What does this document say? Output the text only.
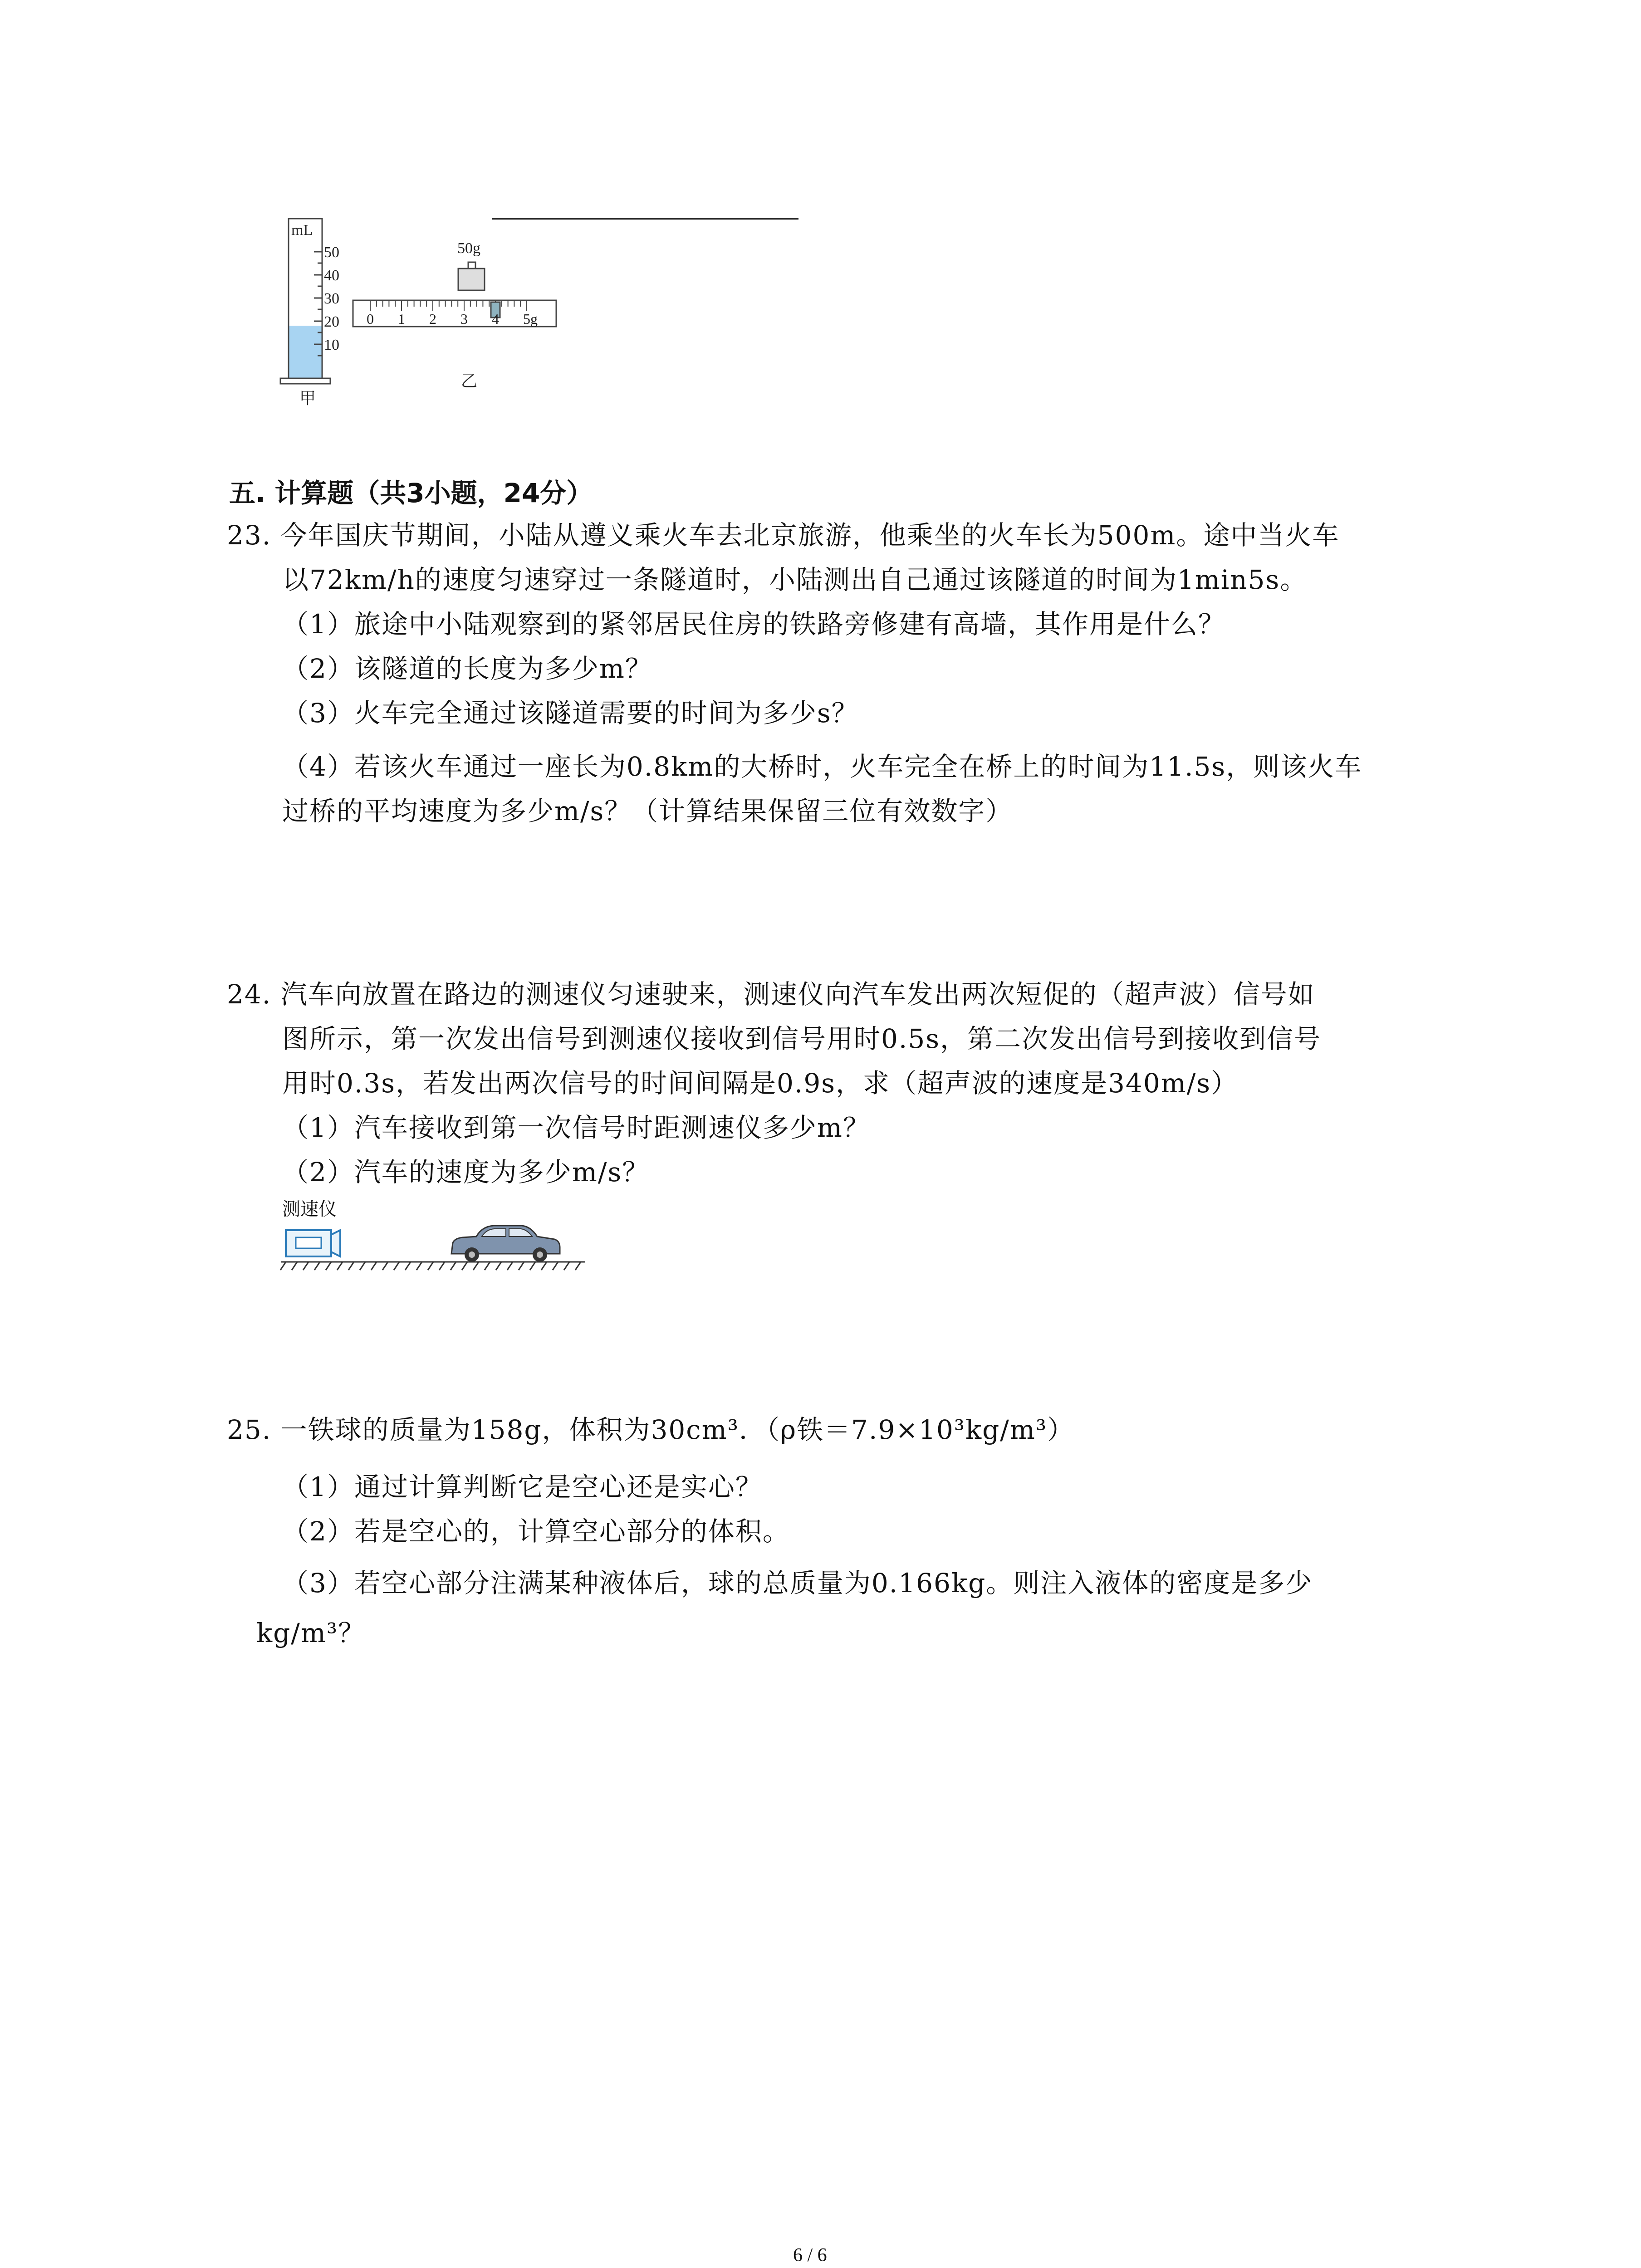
mL
50
40
30
20
10
甲
50g
0 1 2 3 4 5g
乙
五. 计算题（共3小题，24分）
23. 今年国庆节期间，小陆从遵义乘火车去北京旅游，他乘坐的火车长为500m。途中当火车
以72km/h的速度匀速穿过一条隧道时，小陆测出自己通过该隧道的时间为1min5s。
（1）旅途中小陆观察到的紧邻居民住房的铁路旁修建有高墙，其作用是什么？
（2）该隧道的长度为多少m？
（3）火车完全通过该隧道需要的时间为多少s？
（4）若该火车通过一座长为0.8km的大桥时，火车完全在桥上的时间为11.5s，则该火车
过桥的平均速度为多少m/s？（计算结果保留三位有效数字）
24. 汽车向放置在路边的测速仪匀速驶来，测速仪向汽车发出两次短促的（超声波）信号如
图所示，第一次发出信号到测速仪接收到信号用时0.5s，第二次发出信号到接收到信号
用时0.3s，若发出两次信号的时间间隔是0.9s，求（超声波的速度是340m/s）
（1）汽车接收到第一次信号时距测速仪多少m？
（2）汽车的速度为多少m/s？
测速仪
25. 一铁球的质量为158g，体积为30cm³．（ρ铁＝7.9×10³kg/m³）
（1）通过计算判断它是空心还是实心？
（2）若是空心的，计算空心部分的体积。
（3）若空心部分注满某种液体后，球的总质量为0.166kg。则注入液体的密度是多少
kg/m³？
6 / 6
